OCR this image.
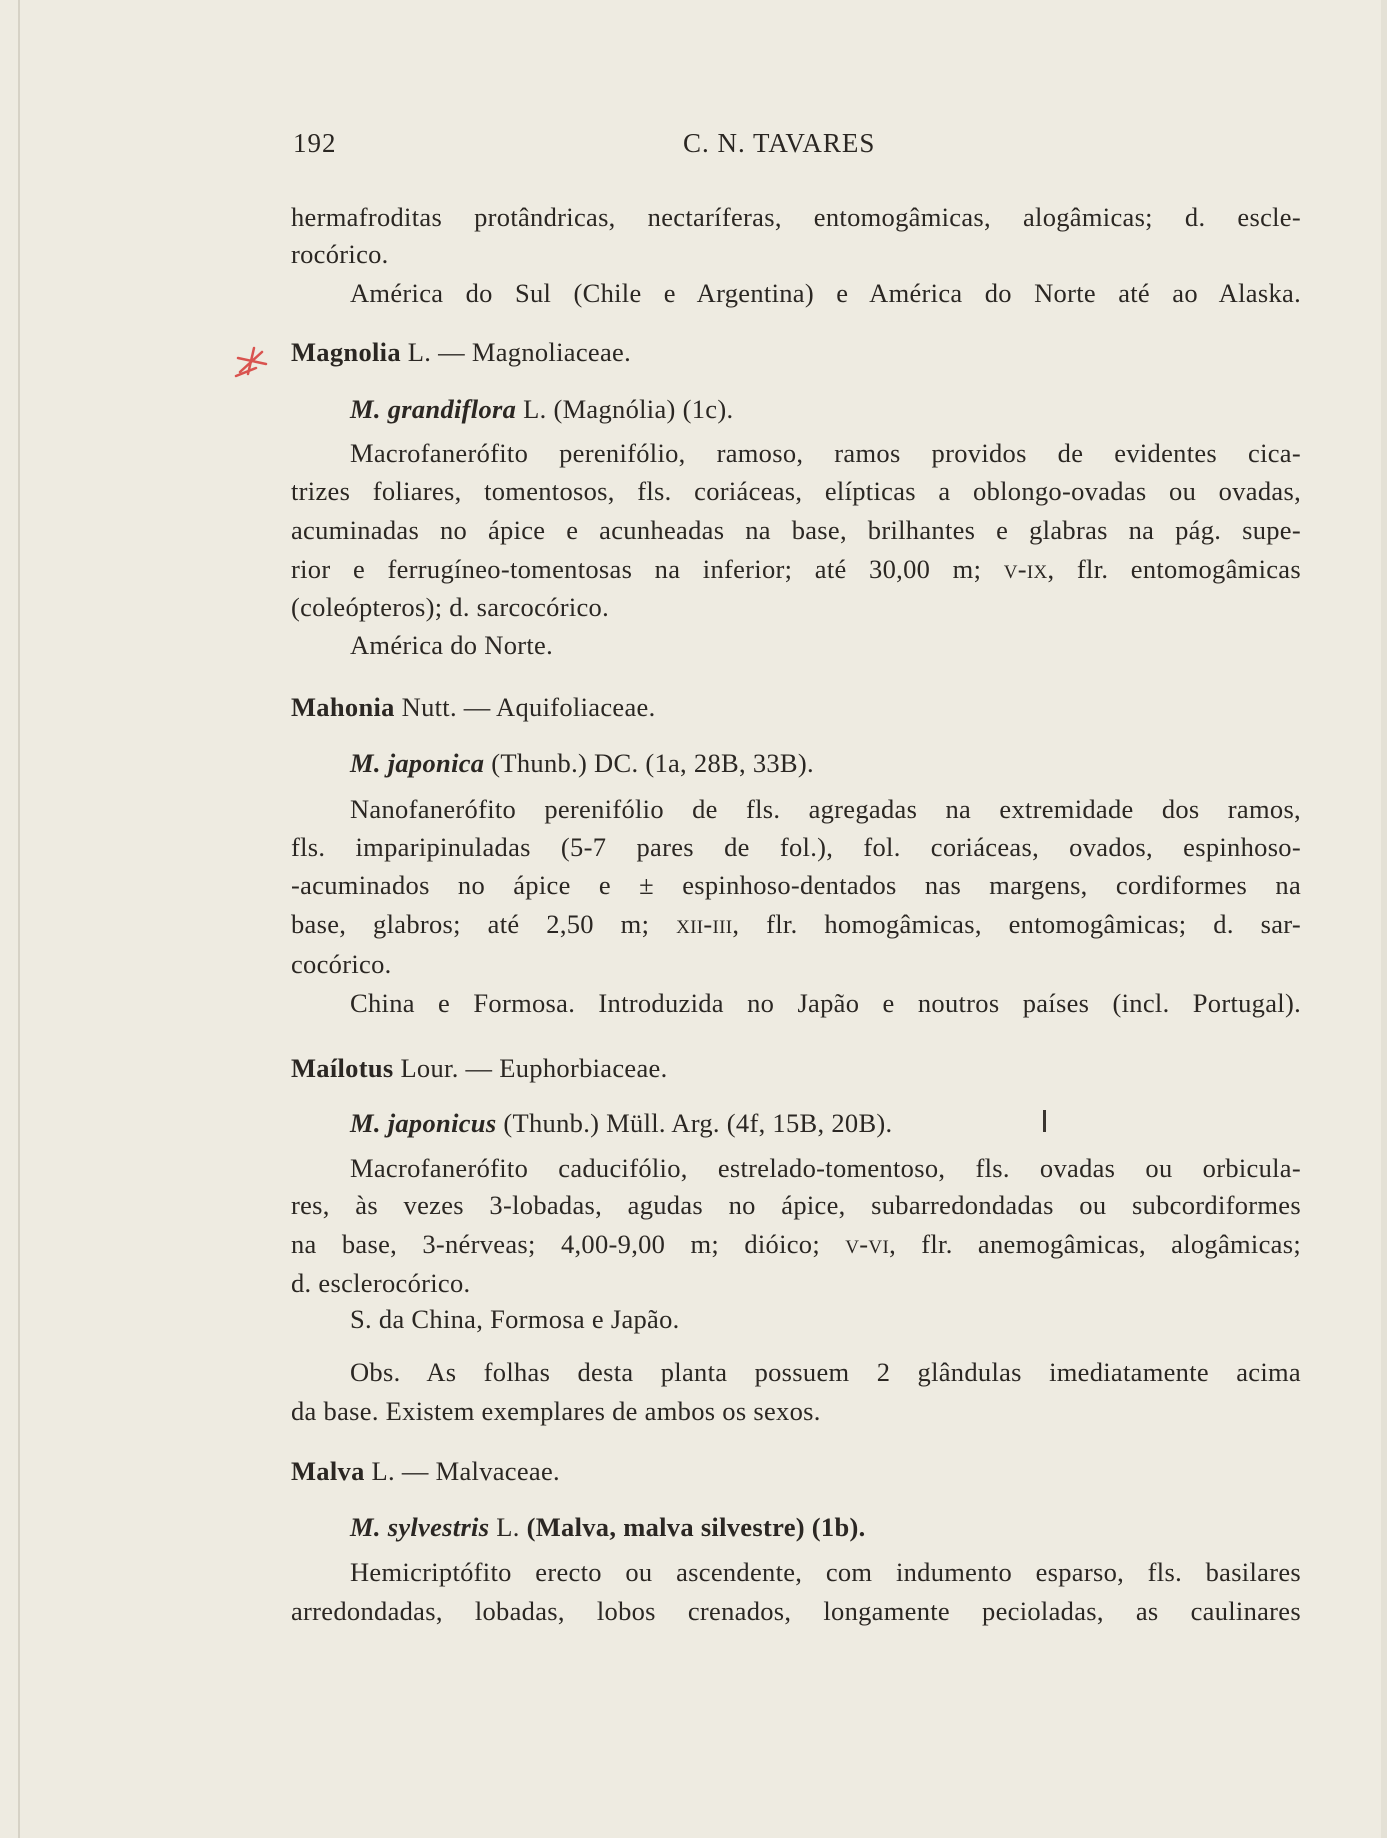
192	C. N. TAVARES
hermafroditas protândricas, nectaríferas, entomogâmicas, alogâmicas; d. escle-
rocórico.
América do Sul (Chile e Argentina) e América do Norte até ao Alaska.
Magnolia L. — Magnoliaceae.
M. grandiflora L. (Magnólia) (1c).
Macrofanerófito perenifólio, ramoso, ramos providos de evidentes cica-
trizes foliares, tomentosos, fls. coriáceas, elípticas a oblongo-ovadas ou ovadas,
acuminadas no ápice e acunheadas na base, brilhantes e glabras na pág. supe-
rior e ferrugíneo-tomentosas na inferior; até 30,00 m; v-ix, flr. entomogâmicas
(coleópteros); d. sarcocórico.
América do Norte.
Mahonia Nutt. — Aquifoliaceae.
M. japonica (Thunb.) DC. (1a, 28B, 33B).
Nanofanerófito perenifólio de fls. agregadas na extremidade dos ramos,
fls. imparipinuladas (5-7 pares de fol.), fol. coriáceas, ovados, espinhoso-
-acuminados no ápice e ± espinhoso-dentados nas margens, cordiformes na
base, glabros; até 2,50 m; xii-iii, flr. homogâmicas, entomogâmicas; d. sar-
cocórico.
China e Formosa. Introduzida no Japão e noutros países (incl. Portugal).
Maílotus Lour. — Euphorbiaceae.
M. japonicus (Thunb.) Müll. Arg. (4f, 15B, 20B).
Macrofanerófito caducifólio, estrelado-tomentoso, fls. ovadas ou orbicula-
res, às vezes 3-lobadas, agudas no ápice, subarredondadas ou subcordiformes
na base, 3-nérveas; 4,00-9,00 m; dióico; v-vi, flr. anemogâmicas, alogâmicas;
d. esclerocórico.
S. da China, Formosa e Japão.
Obs. As folhas desta planta possuem 2 glândulas imediatamente acima
da base. Existem exemplares de ambos os sexos.
Malva L. — Malvaceae.
M. sylvestris L. (Malva, malva silvestre) (1b).
Hemicriptófito erecto ou ascendente, com indumento esparso, fls. basilares
arredondadas, lobadas, lobos crenados, longamente pecioladas, as caulinares
